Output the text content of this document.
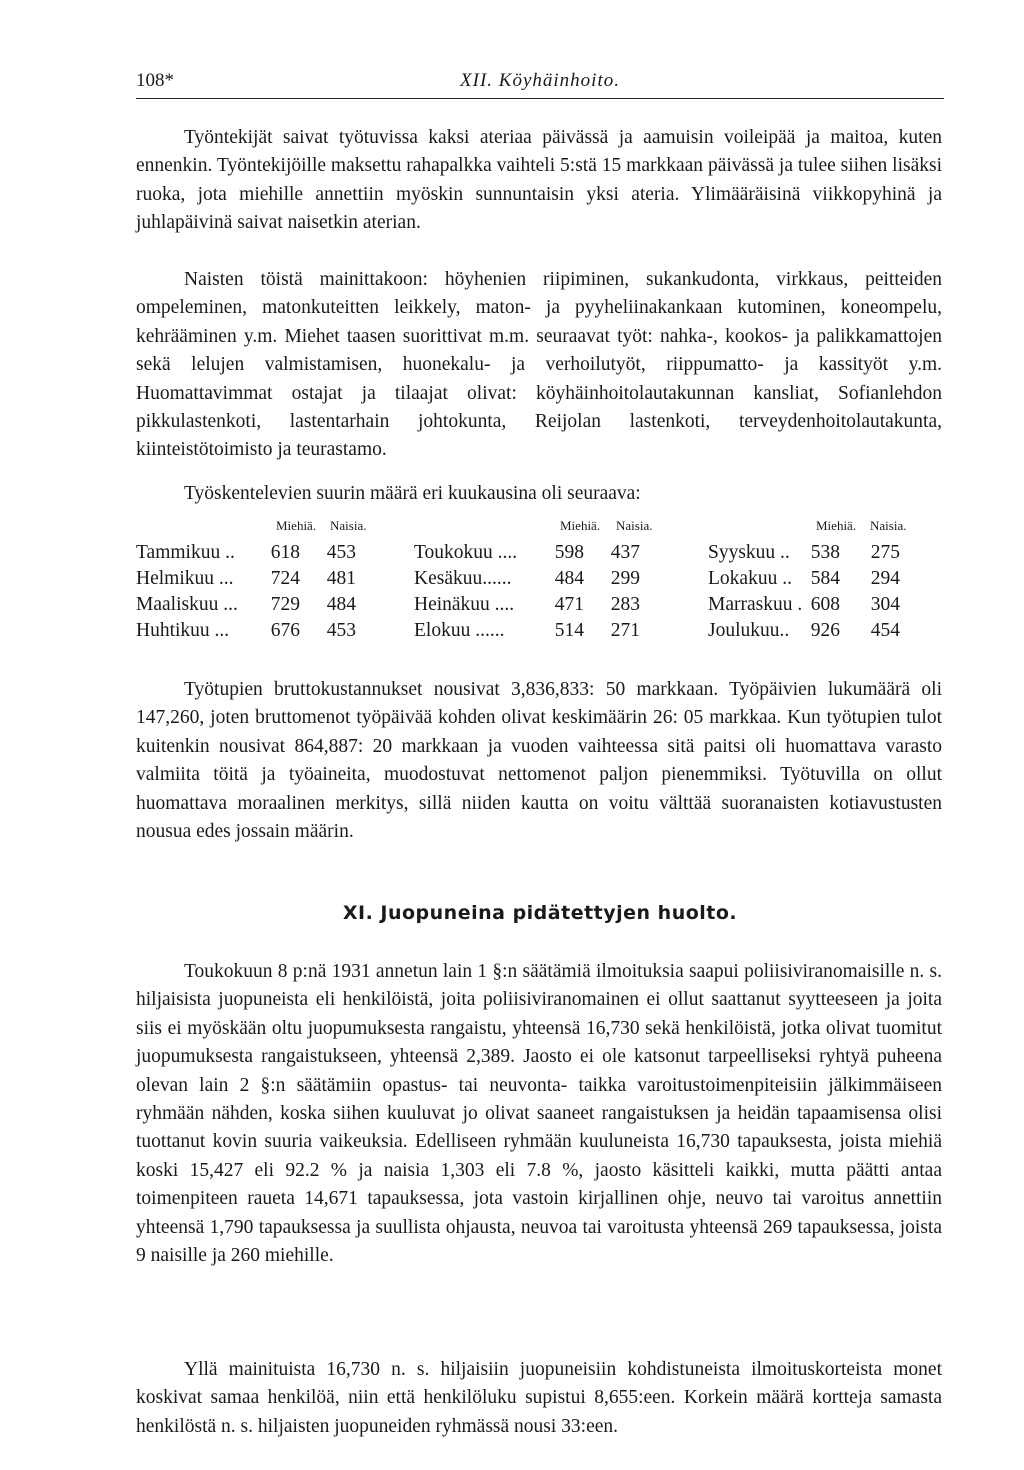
108*	XII. Köyhäinhoito.

Työntekijät saivat työtuvissa kaksi ateriaa päivässä ja aamuisin voileipää ja maitoa, kuten ennenkin. Työntekijöille maksettu rahapalkka vaihteli 5:stä 15 markkaan päivässä ja tulee siihen lisäksi ruoka, jota miehille annettiin myöskin sunnuntaisin yksi ateria. Ylimääräisinä viikkopyhinä ja juhlapäivinä saivat naisetkin aterian.

Naisten töistä mainittakoon: höyhenien riipiminen, sukankudonta, virkkaus, peitteiden ompeleminen, matonkuteitten leikkely, maton- ja pyyheliinakankaan kutominen, koneompelu, kehrääminen y.m. Miehet taasen suorittivat m.m. seuraavat työt: nahka-, kookos- ja palikkamattojen sekä lelujen valmistamisen, huonekalu- ja verhoilutyöt, riippumatto- ja kassityöt y.m. Huomattavimmat ostajat ja tilaajat olivat: köyhäinhoitolautakunnan kansliat, Sofianlehdon pikkulastenkoti, lastentarhain johtokunta, Reijolan lastenkoti, terveydenhoitolautakunta, kiinteistötoimisto ja teurastamo.

Työskentelevien suurin määrä eri kuukausina oli seuraava:

Miehiä. Naisia.	Miehiä. Naisia.	Miehiä. Naisia.
Tammikuu ..	618	453
Helmikuu ...	724	481
Maaliskuu ...	729	484
Huhtikuu ...	676	453
Toukokuu ....	598	437
Kesäkuu......	484	299
Heinäkuu ....	471	283
Elokuu ......	514	271
Syyskuu ..	538	275
Lokakuu .. 584	294
Marraskuu . 608	304
Joulukuu..	926	454

Työtupien bruttokustannukset nousivat 3,836,833: 50 markkaan. Työpäivien lukumäärä oli 147,260, joten bruttomenot työpäivää kohden olivat keskimäärin 26: 05 markkaa. Kun työtupien tulot kuitenkin nousivat 864,887: 20 markkaan ja vuoden vaihteessa sitä paitsi oli huomattava varasto valmiita töitä ja työaineita, muodostuvat nettomenot paljon pienemmiksi. Työtuvilla on ollut huomattava moraalinen merkitys, sillä niiden kautta on voitu välttää suoranaisten kotiavustusten nousua edes jossain määrin.

XI. Juopuneina pidätettyjen huolto.

Toukokuun 8 p:nä 1931 annetun lain 1 §:n säätämiä ilmoituksia saapui poliisiviranomaisille n. s. hiljaisista juopuneista eli henkilöistä, joita poliisiviranomainen ei ollut saattanut syytteeseen ja joita siis ei myöskään oltu juopumuksesta rangaistu, yhteensä 16,730 sekä henkilöistä, jotka olivat tuomitut juopumuksesta rangaistukseen, yhteensä 2,389. Jaosto ei ole katsonut tarpeelliseksi ryhtyä puheena olevan lain 2 §:n säätämiin opastus- tai neuvonta- taikka varoitustoimenpiteisiin jälkimmäiseen ryhmään nähden, koska siihen kuuluvat jo olivat saaneet rangaistuksen ja heidän tapaamisensa olisi tuottanut kovin suuria vaikeuksia. Edelliseen ryhmään kuuluneista 16,730 tapauksesta, joista miehiä koski 15,427 eli 92.2 % ja naisia 1,303 eli 7.8 %, jaosto käsitteli kaikki, mutta päätti antaa toimenpiteen raueta 14,671 tapauksessa, jota vastoin kirjallinen ohje, neuvo tai varoitus annettiin yhteensä 1,790 tapauksessa ja suullista ohjausta, neuvoa tai varoitusta yhteensä 269 tapauksessa, joista 9 naisille ja 260 miehille.

Yllä mainituista 16,730 n. s. hiljaisiin juopuneisiin kohdistuneista ilmoituskorteista monet koskivat samaa henkilöä, niin että henkilöluku supistui 8,655:een. Korkein määrä kortteja samasta henkilöstä n. s. hiljaisten juopuneiden ryhmässä nousi 33:een.
